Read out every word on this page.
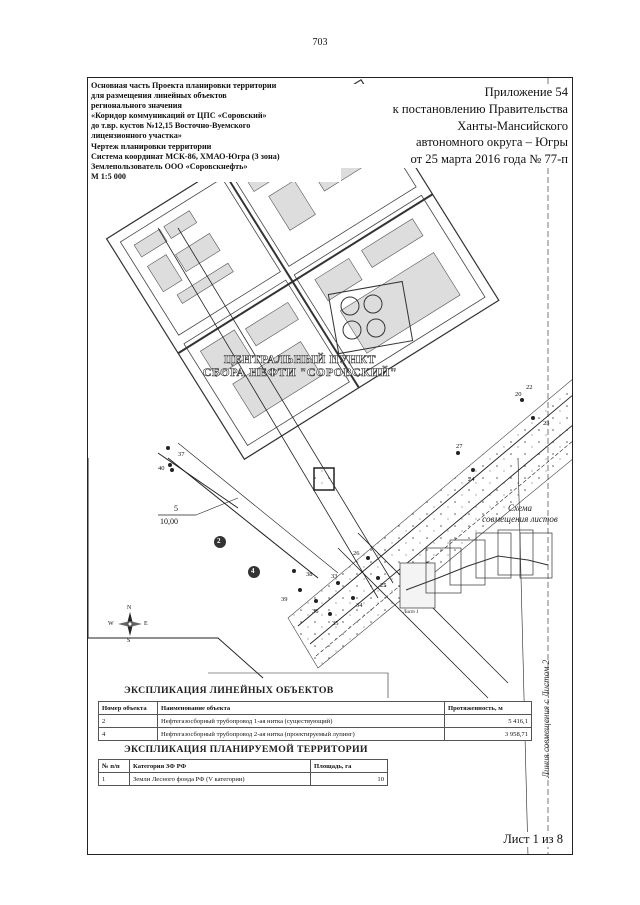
703
ЦЕНТРАЛЬНЫЙ ПУНКТ
СБОРА НЕФТИ "СОРОВСКИЙ"
5
10,00
2
4
20
22
23
24
25
26
27
33
34
35
36
37
38
39
40
N
S
E
W
Схема
совмещения листов
Лист 1
Линия совмещения с Листом 2
Основная часть Проекта планировки территории
для размещения линейных объектов
регионального значения
«Коридор коммуникаций от ЦПС «Соровский»
до т.вр. кустов №12,15 Восточно-Вуемского
лицензионного участка»
Чертеж планировки территории
Система координат МСК-86, ХМАО-Югра (3 зона)
Землепользователь ООО «Соровскнефть»
М 1:5 000
Приложение 54
к постановлению Правительства
Ханты-Мансийского
автономного округа – Югры
от 25 марта 2016 года № 77-п
ЭКСПЛИКАЦИЯ ЛИНЕЙНЫХ ОБЪЕКТОВ
Номер объекта	Наименование объекта	Протяженность, м
2	Нефтегазосборный трубопровод 1-ая нитка (существующий)	5 416,1
4	Нефтегазосборный трубопровод 2-ая нитка (проектируемый лупинг)	3 958,71
ЭКСПЛИКАЦИЯ ПЛАНИРУЕМОЙ ТЕРРИТОРИИ
№ п/п	Категория ЗФ РФ	Площадь, га
1	Земли Лесного фонда РФ (V категории)	10
Лист 1 из 8
